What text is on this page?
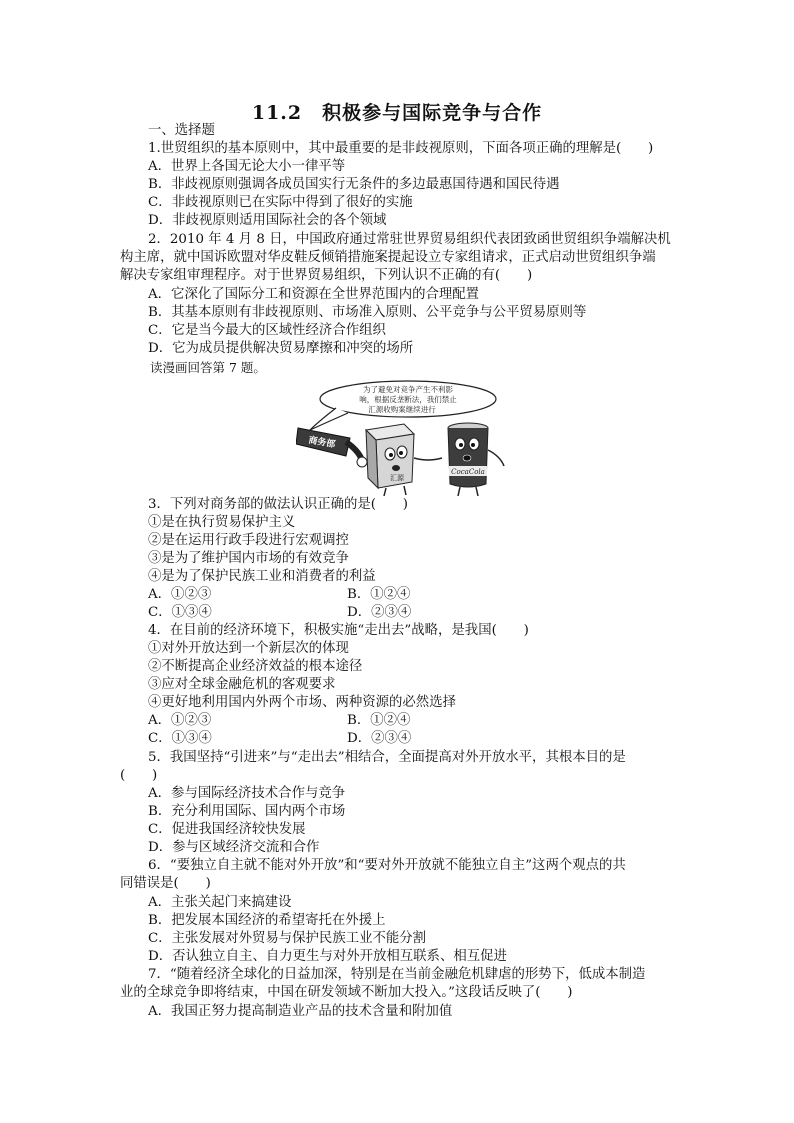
11.2　积极参与国际竞争与合作
一、选择题
1.世贸组织的基本原则中，其中最重要的是非歧视原则，下面各项正确的理解是(　　)
A．世界上各国无论大小一律平等
B．非歧视原则强调各成员国实行无条件的多边最惠国待遇和国民待遇
C．非歧视原则已在实际中得到了很好的实施
D．非歧视原则适用国际社会的各个领域
2．2010 年 4 月 8 日，中国政府通过常驻世界贸易组织代表团致函世贸组织争端解决机
构主席，就中国诉欧盟对华皮鞋反倾销措施案提起设立专家组请求，正式启动世贸组织争端
解决专家组审理程序。对于世界贸易组织，下列认识不正确的有(　　)
A．它深化了国际分工和资源在全世界范围内的合理配置
B．其基本原则有非歧视原则、市场准入原则、公平竞争与公平贸易原则等
C．它是当今最大的区域性经济合作组织
D．它为成员提供解决贸易摩擦和冲突的场所
读漫画回答第 7 题。
为了避免对竞争产生不利影
响，根据反垄断法，我们禁止
汇源收购案继续进行
商务部
汇源
CocaCola
3．下列对商务部的做法认识正确的是(　　)
①是在执行贸易保护主义
②是在运用行政手段进行宏观调控
③是为了维护国内市场的有效竞争
④是为了保护民族工业和消费者的利益
A．①②③	B．①②④
C．①③④	D．②③④
4．在目前的经济环境下，积极实施“走出去”战略，是我国(　　)
①对外开放达到一个新层次的体现
②不断提高企业经济效益的根本途径
③应对全球金融危机的客观要求
④更好地利用国内外两个市场、两种资源的必然选择
A．①②③	B．①②④
C．①③④	D．②③④
5．我国坚持“引进来”与“走出去”相结合，全面提高对外开放水平，其根本目的是
(　　)
A．参与国际经济技术合作与竞争
B．充分利用国际、国内两个市场
C．促进我国经济较快发展
D．参与区域经济交流和合作
6．“要独立自主就不能对外开放”和“要对外开放就不能独立自主”这两个观点的共
同错误是(　　)
A．主张关起门来搞建设
B．把发展本国经济的希望寄托在外援上
C．主张发展对外贸易与保护民族工业不能分割
D．否认独立自主、自力更生与对外开放相互联系、相互促进
7．“随着经济全球化的日益加深，特别是在当前金融危机肆虐的形势下，低成本制造
业的全球竞争即将结束，中国在研发领域不断加大投入。”这段话反映了(　　)
A．我国正努力提高制造业产品的技术含量和附加值
